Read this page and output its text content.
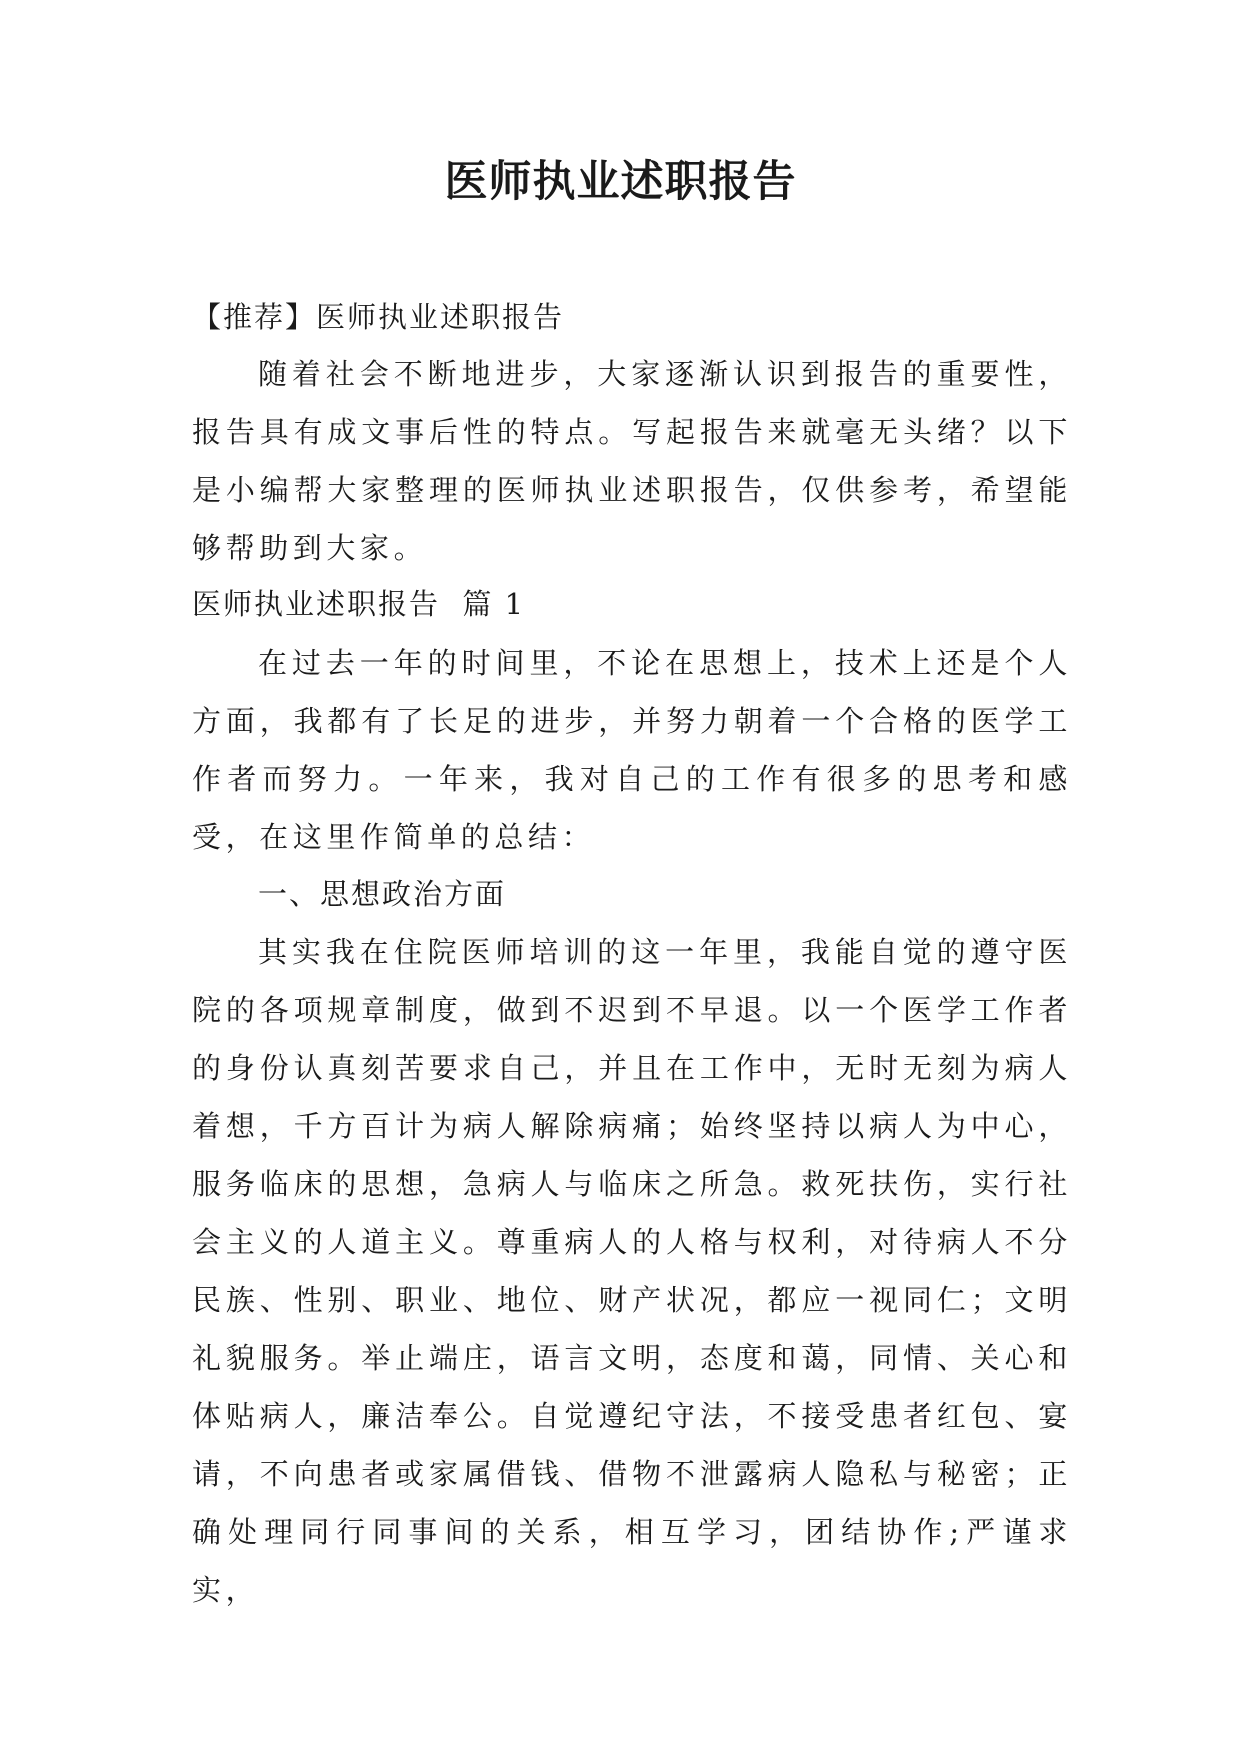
医师执业述职报告

【推荐】医师执业述职报告

随着社会不断地进步，大家逐渐认识到报告的重要性，报告具有成文事后性的特点。写起报告来就毫无头绪？以下是小编帮大家整理的医师执业述职报告，仅供参考，希望能够帮助到大家。

医师执业述职报告  篇 1

在过去一年的时间里，不论在思想上，技术上还是个人方面，我都有了长足的进步，并努力朝着一个合格的医学工作者而努力。一年来，我对自己的工作有很多的思考和感受，在这里作简单的总结：

一、思想政治方面

其实我在住院医师培训的这一年里，我能自觉的遵守医院的各项规章制度，做到不迟到不早退。以一个医学工作者的身份认真刻苦要求自己，并且在工作中，无时无刻为病人着想，千方百计为病人解除病痛；始终坚持以病人为中心，服务临床的思想，急病人与临床之所急。救死扶伤，实行社会主义的人道主义。尊重病人的人格与权利，对待病人不分民族、性别、职业、地位、财产状况，都应一视同仁；文明礼貌服务。举止端庄，语言文明，态度和蔼，同情、关心和体贴病人，廉洁奉公。自觉遵纪守法，不接受患者红包、宴请，不向患者或家属借钱、借物不泄露病人隐私与秘密；正确处理同行同事间的关系，相互学习，团结协作;严谨求实，
